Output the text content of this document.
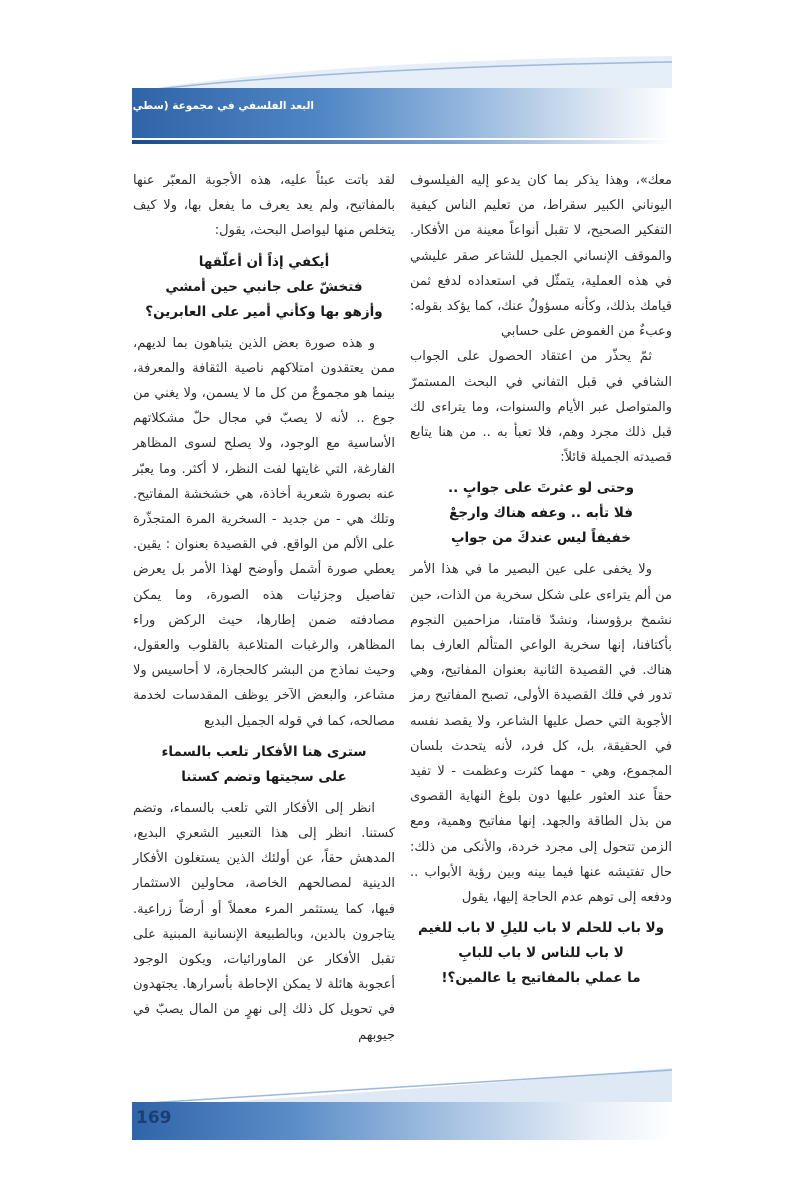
البعد الفلسفي في مجموعة (سطي على الثلج)

معك»، وهذا يذكر بما كان يدعو إليه الفيلسوف اليوناني الكبير سقراط، من تعليم الناس كيفية التفكير الصحيح، لا تقبل أنواعاً معينة من الأفكار. والموقف الإنساني الجميل للشاعر صقر عليشي في هذه العملية، يتمثّل في استعداده لدفع ثمن قيامك بذلك، وكأنه مسؤولٌ عنك، كما يؤكد بقوله: وعبءٌ من الغموض على حسابي

ثمّ يحذّر من اعتقاد الحصول على الجواب الشافي في قبل التفاني في البحث المستمرّ والمتواصل عبر الأيام والسنوات، وما يتراءى لك قبل ذلك مجرد وهم، فلا تعبأ به .. من هنا يتابع قصيدته الجميلة قائلاً:

وحتى لو عثرتَ على جوابٍ ..

فلا تأبه .. وعفه هناك وارجعْ

خفيفاً ليس عندكَ من جوابِ

ولا يخفى على عين البصير ما في هذا الأمر من ألم يتراءى على شكل سخرية من الذات، حين نشمخ برؤوسنا، ونشدّ قامتنا، مزاحمين النجوم بأكتافنا، إنها سخرية الواعي المتألم العارف بما هناك. في القصيدة الثانية بعنوان المفاتيح، وهي تدور في فلك القصيدة الأولى، تصبح المفاتيح رمز الأجوبة التي حصل عليها الشاعر، ولا يقصد نفسه في الحقيقة، بل، كل فرد، لأنه يتحدث بلسان المجموع، وهي - مهما كثرت وعظمت - لا تفيد حقاً عند العثور عليها دون بلوغ النهاية القصوى من بذل الطاقة والجهد. إنها مفاتيح وهمية، ومع الزمن تتحول إلى مجرد خردة، والأنكى من ذلك: حال تفتيشه عنها فيما بينه وبين رؤية الأبواب .. ودفعه إلى توهم عدم الحاجة إليها، يقول

ولا باب للحلم لا باب لليلِ لا باب للغيم

لا باب للناس لا باب للبابِ

ما عملي بالمفاتيح يا عالمين؟!

لقد باتت عبئاً عليه، هذه الأجوبة المعبّر عنها بالمفاتيح، ولم يعد يعرف ما يفعل بها، ولا كيف يتخلص منها ليواصل البحث، يقول:

أيكفي إذاً أن أعلّقها

فتخشّ على جانبي حين أمشي

وأزهو بها وكأني أمير على العابرين؟

و هذه صورة بعض الذين يتباهون بما لديهم، ممن يعتقدون امتلاكهم ناصية الثقافة والمعرفة، بينما هو مجموعٌ من كل ما لا يسمن، ولا يغني من جوع .. لأنه لا يصبّ في مجال حلّ مشكلاتهم الأساسية مع الوجود، ولا يصلح لسوى المظاهر الفارغة، التي غايتها لفت النظر، لا أكثر. وما يعبّر عنه بصورة شعرية أخاذة، هي خشخشة المفاتيح. وتلك هي - من جديد - السخرية المرة المتجذّرة على الألم من الواقع. في القصيدة بعنوان : يقين. يعطي صورة أشمل وأوضح لهذا الأمر بل يعرض تفاصيل وجزئيات هذه الصورة، وما يمكن مصادفته ضمن إطارها، حيث الركض وراء المظاهر، والرغبات المتلاعبة بالقلوب والعقول، وحيث نماذج من البشر كالحجارة، لا أحاسيس ولا مشاعر، والبعض الآخر يوظف المقدسات لخدمة مصالحه، كما في قوله الجميل البديع

سترى هنا الأفكار تلعب بالسماء

على سجيتها وتضم كستنا

انظر إلى الأفكار التي تلعب بالسماء، وتضم كستنا. انظر إلى هذا التعبير الشعري البديع، المدهش حقاً، عن أولئك الذين يستغلون الأفكار الدينية لمصالحهم الخاصة، محاولين الاستثمار فيها، كما يستثمر المرء معملاً أو أرضاً زراعية. يتاجرون بالدين، وبالطبيعة الإنسانية المبنية على تقبل الأفكار عن الماورائيات، ويكون الوجود أعجوبة هائلة لا يمكن الإحاطة بأسرارها. يجتهدون في تحويل كل ذلك إلى نهرٍ من المال يصبّ في جيوبهم

169
